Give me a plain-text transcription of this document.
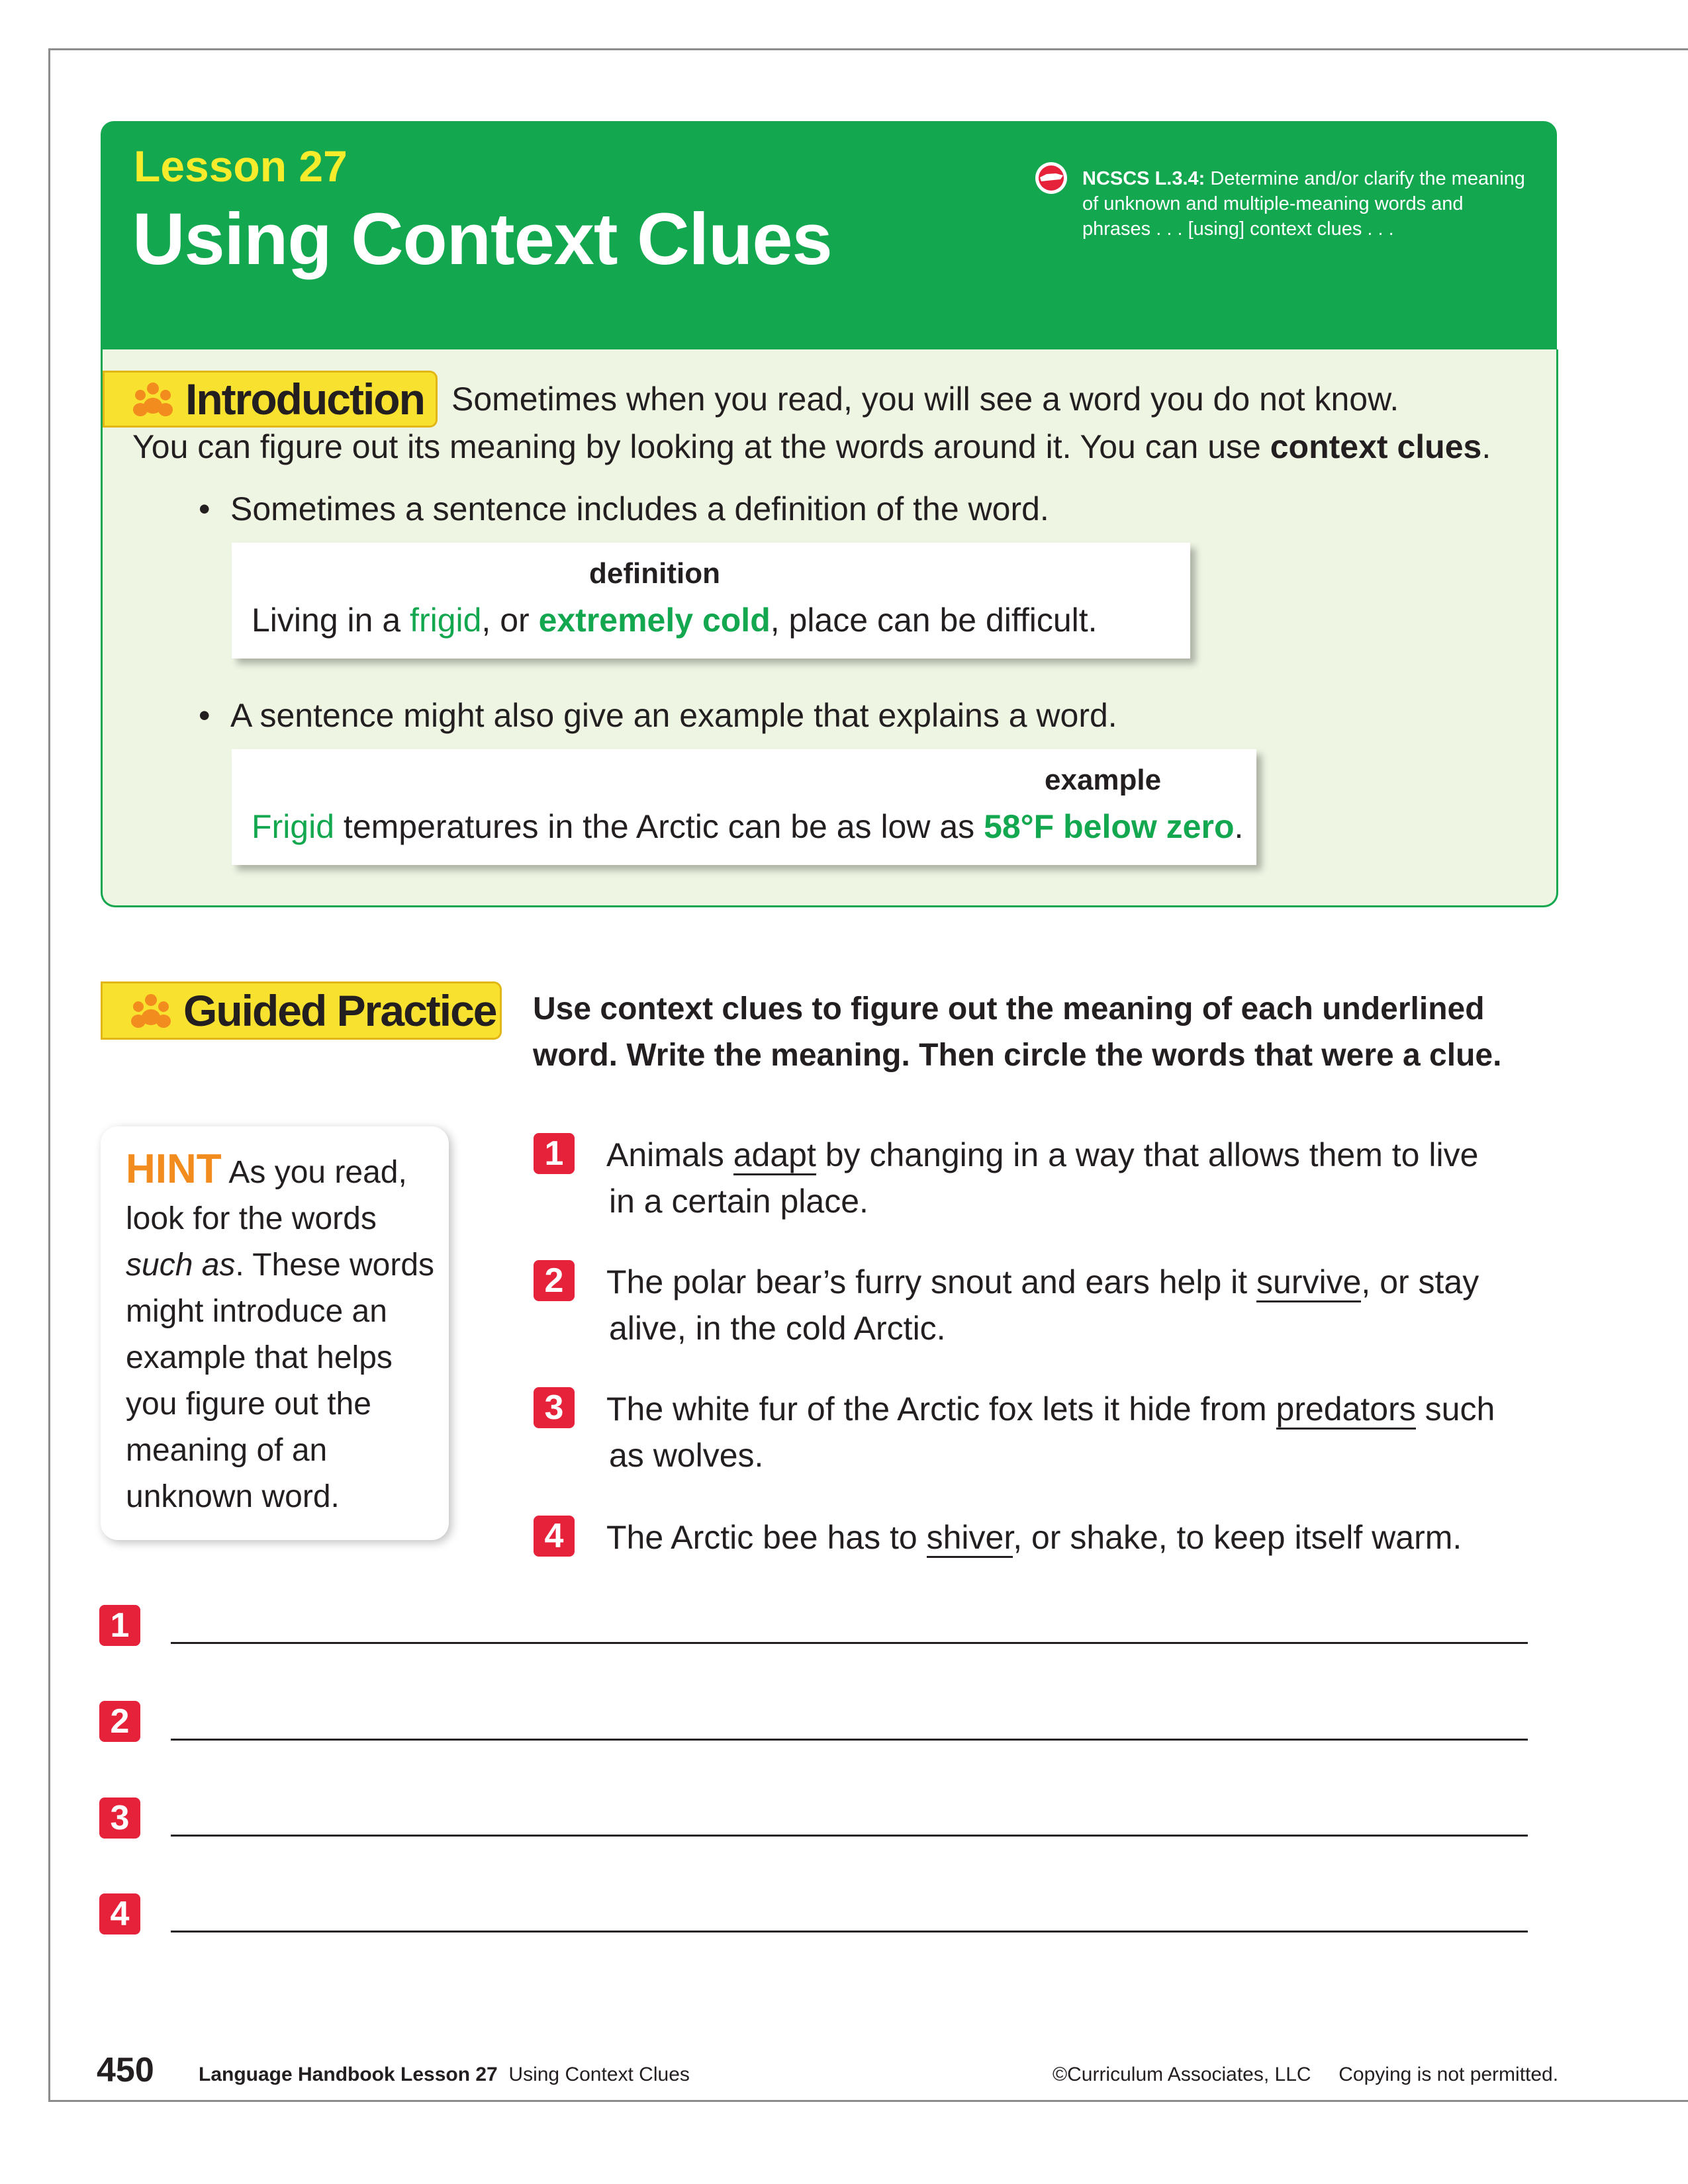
Lesson 27
Using Context Clues
NCSCS L.3.4: Determine and/or clarify the meaning of unknown and multiple-meaning words and phrases . . . [using] context clues . . .
Introduction Sometimes when you read, you will see a word you do not know.
You can figure out its meaning by looking at the words around it. You can use context clues.
• Sometimes a sentence includes a definition of the word.
definition
Living in a frigid, or extremely cold, place can be difficult.
• A sentence might also give an example that explains a word.
example
Frigid temperatures in the Arctic can be as low as 58°F below zero.
Guided Practice Use context clues to figure out the meaning of each underlined
word. Write the meaning. Then circle the words that were a clue.
HINT As you read, look for the words such as. These words might introduce an example that helps you figure out the meaning of an unknown word.
1	Animals adapt by changing in a way that allows them to live
in a certain place.
2	The polar bear’s furry snout and ears help it survive, or stay
alive, in the cold Arctic.
3	The white fur of the Arctic fox lets it hide from predators such
as wolves.
4	The Arctic bee has to shiver, or shake, to keep itself warm.
1
2
3
4
450 Language Handbook Lesson 27  Using Context Clues	©Curriculum Associates, LLC     Copying is not permitted.
